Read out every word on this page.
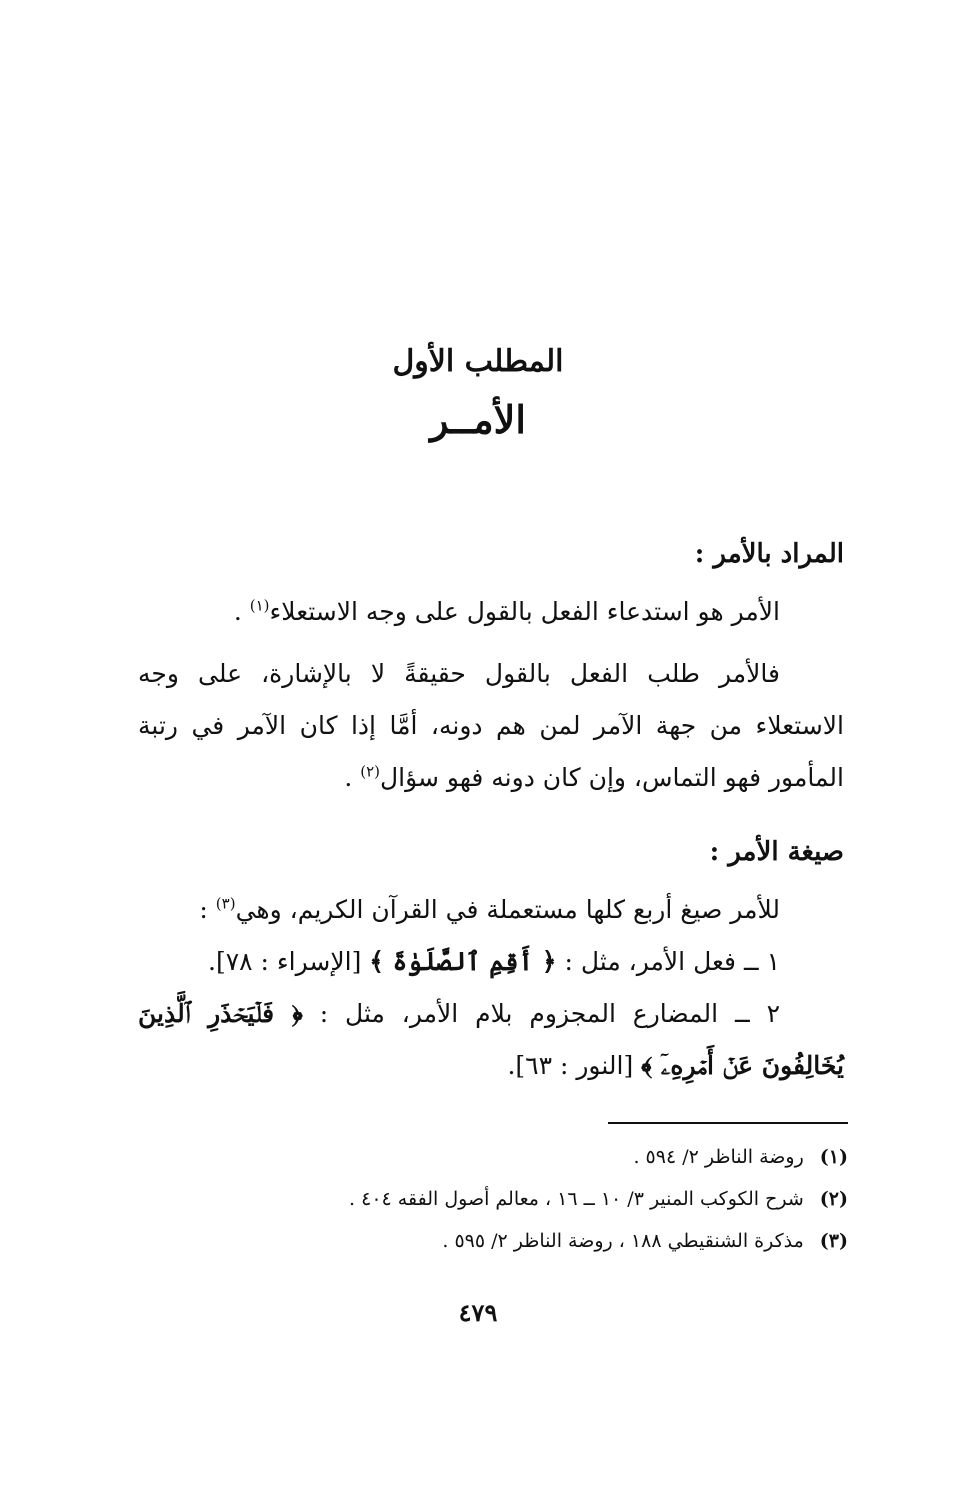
المطلب الأول

الأمــر

المراد بالأمر :

الأمر هو استدعاء الفعل بالقول على وجه الاستعلاء$^{(١)}$ .

فالأمر طلب الفعل بالقول حقيقةً لا بالإشارة، على وجه الاستعلاء من جهة الآمر لمن هم دونه، أمَّا إذا كان الآمر في رتبة المأمور فهو التماس، وإن كان دونه فهو سؤال$^{(٢)}$ .

صيغة الأمر :

للأمر صيغ أربع كلها مستعملة في القرآن الكريم، وهي$^{(٣)}$ :

١ ــ فعل الأمر، مثل : ﴿ أَقِمِ ٱلصَّلَوٰةَ ﴾ [الإسراء : ٧٨].

٢ ــ المضارع المجزوم بلام الأمر، مثل : ﴿ فَلۡيَحۡذَرِ ٱلَّذِينَ يُخَالِفُونَ عَنۡ أَمۡرِهِۦٓ ﴾ [النور : ٦٣].

(١)روضة الناظر ٢/ ٥٩٤ .

(٢)شرح الكوكب المنير ٣/ ١٠ ــ ١٦ ، معالم أصول الفقه ٤٠٤ .

(٣)مذكرة الشنقيطي ١٨٨ ، روضة الناظر ٢/ ٥٩٥ .

٤٧٩
